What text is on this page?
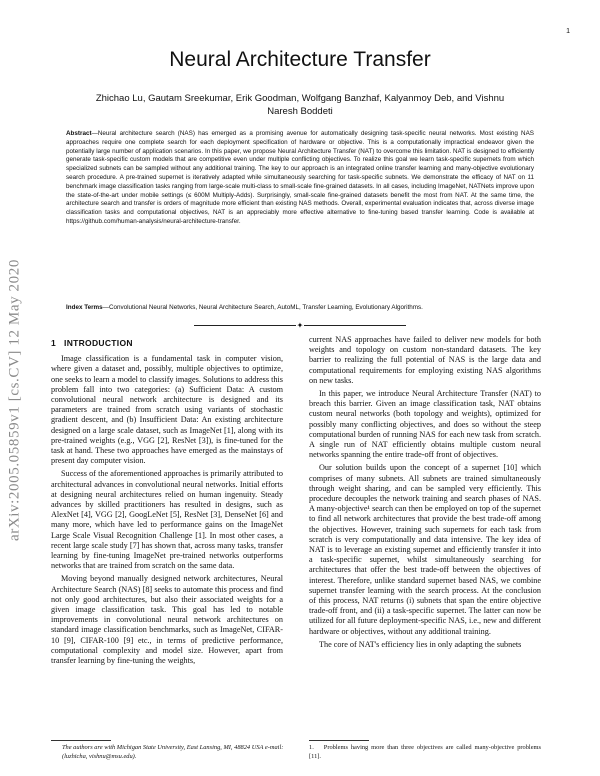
1
arXiv:2005.05859v1 [cs.CV] 12 May 2020
Neural Architecture Transfer
Zhichao Lu, Gautam Sreekumar, Erik Goodman, Wolfgang Banzhaf, Kalyanmoy Deb, and Vishnu Naresh Boddeti
Abstract—Neural architecture search (NAS) has emerged as a promising avenue for automatically designing task-specific neural networks. Most existing NAS approaches require one complete search for each deployment specification of hardware or objective. This is a computationally impractical endeavor given the potentially large number of application scenarios. In this paper, we propose Neural Architecture Transfer (NAT) to overcome this limitation. NAT is designed to efficiently generate task-specific custom models that are competitive even under multiple conflicting objectives. To realize this goal we learn task-specific supernets from which specialized subnets can be sampled without any additional training. The key to our approach is an integrated online transfer learning and many-objective evolutionary search procedure. A pre-trained supernet is iteratively adapted while simultaneously searching for task-specific subnets. We demonstrate the efficacy of NAT on 11 benchmark image classification tasks ranging from large-scale multi-class to small-scale fine-grained datasets. In all cases, including ImageNet, NATNets improve upon the state-of-the-art under mobile settings (≤ 600M Multiply-Adds). Surprisingly, small-scale fine-grained datasets benefit the most from NAT. At the same time, the architecture search and transfer is orders of magnitude more efficient than existing NAS methods. Overall, experimental evaluation indicates that, across diverse image classification tasks and computational objectives, NAT is an appreciably more effective alternative to fine-tuning based transfer learning. Code is available at https://github.com/human-analysis/neural-architecture-transfer.
Index Terms—Convolutional Neural Networks, Neural Architecture Search, AutoML, Transfer Learning, Evolutionary Algorithms.
✦
1 INTRODUCTION

Image classification is a fundamental task in computer vision, where given a dataset and, possibly, multiple objectives to optimize, one seeks to learn a model to classify images. Solutions to address this problem fall into two categories: (a) Sufficient Data: A custom convolutional neural network architecture is designed and its parameters are trained from scratch using variants of stochastic gradient descent, and (b) Insufficient Data: An existing architecture designed on a large scale dataset, such as ImageNet [1], along with its pre-trained weights (e.g., VGG [2], ResNet [3]), is fine-tuned for the task at hand. These two approaches have emerged as the mainstays of present day computer vision.

Success of the aforementioned approaches is primarily attributed to architectural advances in convolutional neural networks. Initial efforts at designing neural architectures relied on human ingenuity. Steady advances by skilled practitioners has resulted in designs, such as AlexNet [4], VGG [2], GoogLeNet [5], ResNet [3], DenseNet [6] and many more, which have led to performance gains on the ImageNet Large Scale Visual Recognition Challenge [1]. In most other cases, a recent large scale study [7] has shown that, across many tasks, transfer learning by fine-tuning ImageNet pre-trained networks outperforms networks that are trained from scratch on the same data.

Moving beyond manually designed network architectures, Neural Architecture Search (NAS) [8] seeks to automate this process and find not only good architectures, but also their associated weights for a given image classification task. This goal has led to notable improvements in convolutional neural network architectures on standard image classification benchmarks, such as ImageNet, CIFAR-10 [9], CIFAR-100 [9] etc., in terms of predictive performance, computational complexity and model size. However, apart from transfer learning by fine-tuning the weights,

current NAS approaches have failed to deliver new models for both weights and topology on custom non-standard datasets. The key barrier to realizing the full potential of NAS is the large data and computational requirements for employing existing NAS algorithms on new tasks.

In this paper, we introduce Neural Architecture Transfer (NAT) to breach this barrier. Given an image classification task, NAT obtains custom neural networks (both topology and weights), optimized for possibly many conflicting objectives, and does so without the steep computational burden of running NAS for each new task from scratch. A single run of NAT efficiently obtains multiple custom neural networks spanning the entire trade-off front of objectives.

Our solution builds upon the concept of a supernet [10] which comprises of many subnets. All subnets are trained simultaneously through weight sharing, and can be sampled very efficiently. This procedure decouples the network training and search phases of NAS. A many-objective¹ search can then be employed on top of the supernet to find all network architectures that provide the best trade-off among the objectives. However, training such supernets for each task from scratch is very computationally and data intensive. The key idea of NAT is to leverage an existing supernet and efficiently transfer it into a task-specific supernet, whilst simultaneously searching for architectures that offer the best trade-off between the objectives of interest. Therefore, unlike standard supernet based NAS, we combine supernet transfer learning with the search process. At the conclusion of this process, NAT returns (i) subnets that span the entire objective trade-off front, and (ii) a task-specific supernet. The latter can now be utilized for all future deployment-specific NAS, i.e., new and different hardware or objectives, without any additional training.

The core of NAT's efficiency lies in only adapting the subnets

The authors are with Michigan State University, East Lansing, MI, 48824 USA e-mail: (luzhicha, vishnu@msu.edu).
1. Problems having more than three objectives are called many-objective problems [11].
